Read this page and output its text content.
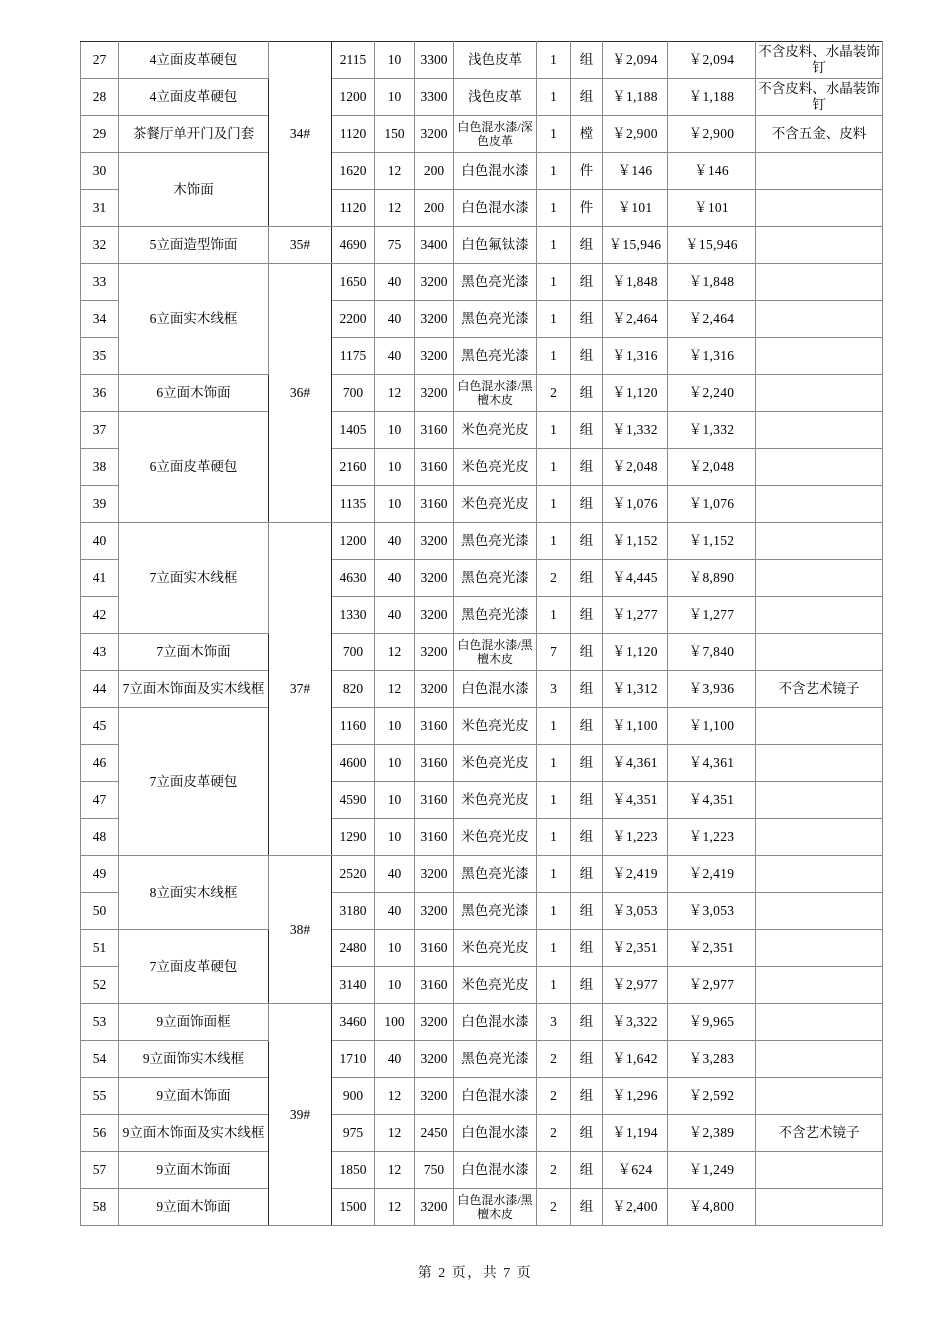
27	4立面皮革硬包	34#	2115	10	3300	浅色皮革	1	组	￥2,094	￥2,094	不含皮料、水晶装饰钉
28	4立面皮革硬包		1200	10	3300	浅色皮革	1	组	￥1,188	￥1,188	不含皮料、水晶装饰钉
29	茶餐厅单开门及门套		1120	150	3200	白色混水漆/深色皮革	1	樘	￥2,900	￥2,900	不含五金、皮料
30	木饰面		1620	12	200	白色混水漆	1	件	￥146	￥146	
31			1120	12	200	白色混水漆	1	件	￥101	￥101	
32	5立面造型饰面	35#	4690	75	3400	白色氟钛漆	1	组	￥15,946	￥15,946	
33	6立面实木线框	36#	1650	40	3200	黑色亮光漆	1	组	￥1,848	￥1,848	
34			2200	40	3200	黑色亮光漆	1	组	￥2,464	￥2,464	
35			1175	40	3200	黑色亮光漆	1	组	￥1,316	￥1,316	
36	6立面木饰面		700	12	3200	白色混水漆/黑檀木皮	2	组	￥1,120	￥2,240	
37	6立面皮革硬包		1405	10	3160	米色亮光皮	1	组	￥1,332	￥1,332	
38			2160	10	3160	米色亮光皮	1	组	￥2,048	￥2,048	
39			1135	10	3160	米色亮光皮	1	组	￥1,076	￥1,076	
40	7立面实木线框	37#	1200	40	3200	黑色亮光漆	1	组	￥1,152	￥1,152	
41			4630	40	3200	黑色亮光漆	2	组	￥4,445	￥8,890	
42			1330	40	3200	黑色亮光漆	1	组	￥1,277	￥1,277	
43	7立面木饰面		700	12	3200	白色混水漆/黑檀木皮	7	组	￥1,120	￥7,840	
44	7立面木饰面及实木线框		820	12	3200	白色混水漆	3	组	￥1,312	￥3,936	不含艺术镜子
45	7立面皮革硬包		1160	10	3160	米色亮光皮	1	组	￥1,100	￥1,100	
46			4600	10	3160	米色亮光皮	1	组	￥4,361	￥4,361	
47			4590	10	3160	米色亮光皮	1	组	￥4,351	￥4,351	
48			1290	10	3160	米色亮光皮	1	组	￥1,223	￥1,223	
49	8立面实木线框	38#	2520	40	3200	黑色亮光漆	1	组	￥2,419	￥2,419	
50			3180	40	3200	黑色亮光漆	1	组	￥3,053	￥3,053	
51	7立面皮革硬包		2480	10	3160	米色亮光皮	1	组	￥2,351	￥2,351	
52			3140	10	3160	米色亮光皮	1	组	￥2,977	￥2,977	
53	9立面饰面框	39#	3460	100	3200	白色混水漆	3	组	￥3,322	￥9,965	
54	9立面饰实木线框		1710	40	3200	黑色亮光漆	2	组	￥1,642	￥3,283	
55	9立面木饰面		900	12	3200	白色混水漆	2	组	￥1,296	￥2,592	
56	9立面木饰面及实木线框		975	12	2450	白色混水漆	2	组	￥1,194	￥2,389	不含艺术镜子
57	9立面木饰面		1850	12	750	白色混水漆	2	组	￥624	￥1,249	
58	9立面木饰面		1500	12	3200	白色混水漆/黑檀木皮	2	组	￥2,400	￥4,800	
第 2 页，共 7 页
